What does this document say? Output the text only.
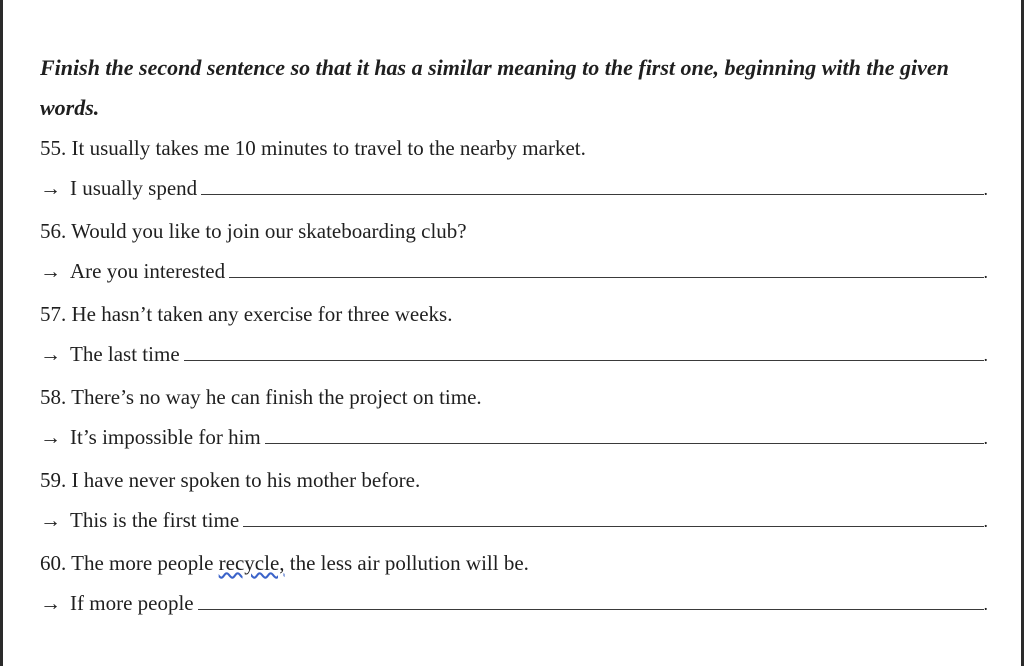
Finish the second sentence so that it has a similar meaning to the first one, beginning with the given words.

55. It usually takes me 10 minutes to travel to the nearby market.
→ I usually spend	.
56. Would you like to join our skateboarding club?
→ Are you interested	.
57. He hasn’t taken any exercise for three weeks.
→ The last time	.
58. There’s no way he can finish the project on time.
→ It’s impossible for him	.
59. I have never spoken to his mother before.
→ This is the first time	.
60. The more people recycle, the less air pollution will be.
→ If more people	.
